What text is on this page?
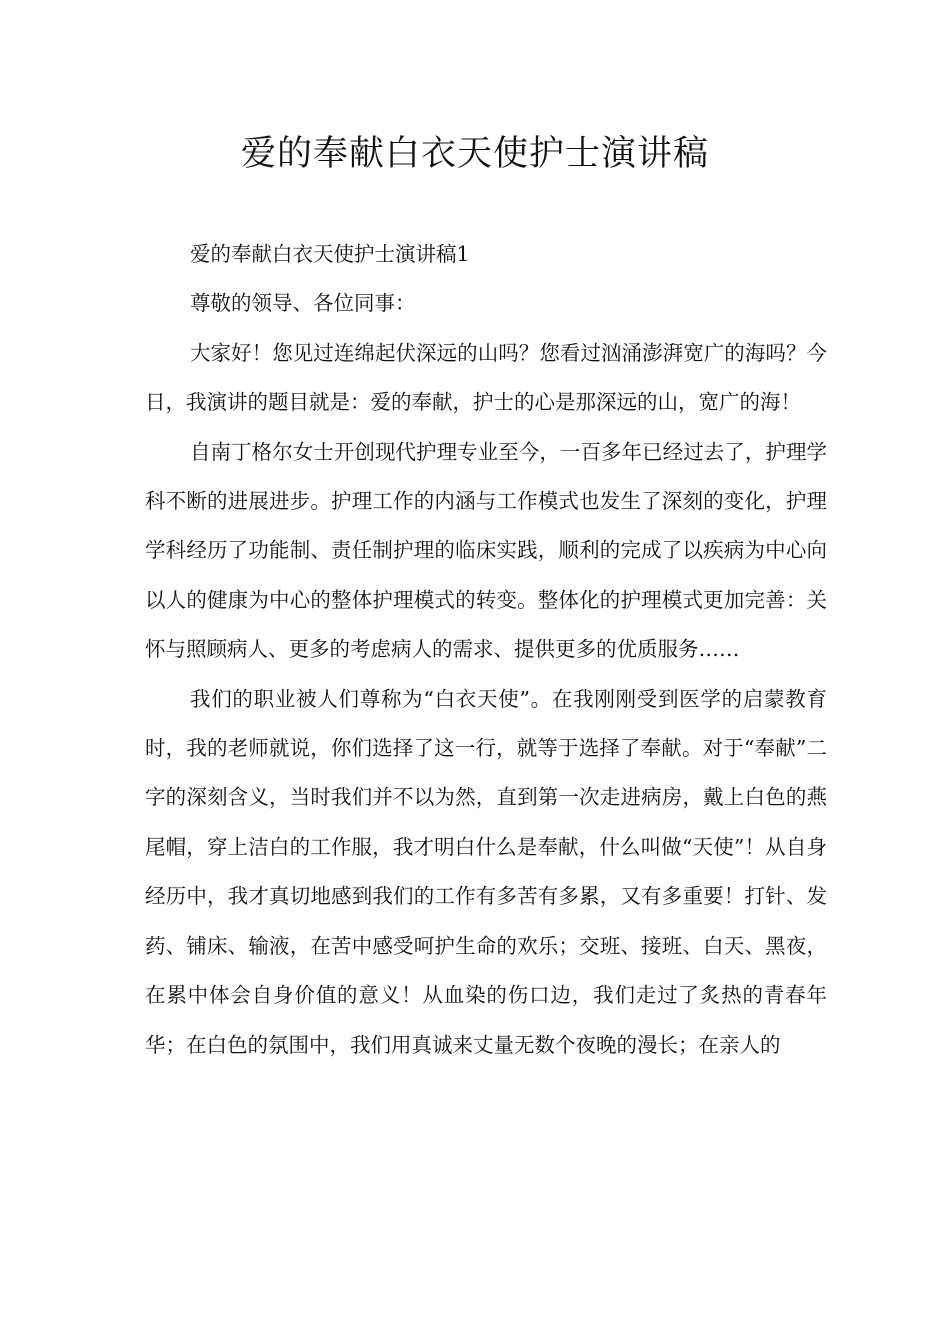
爱的奉献白衣天使护士演讲稿

爱的奉献白衣天使护士演讲稿1

尊敬的领导、各位同事：

大家好！您见过连绵起伏深远的山吗？您看过汹涌澎湃宽广的海吗？今日，我演讲的题目就是：爱的奉献，护士的心是那深远的山，宽广的海！

自南丁格尔女士开创现代护理专业至今，一百多年已经过去了，护理学科不断的进展进步。护理工作的内涵与工作模式也发生了深刻的变化，护理学科经历了功能制、责任制护理的临床实践，顺利的完成了以疾病为中心向以人的健康为中心的整体护理模式的转变。整体化的护理模式更加完善：关怀与照顾病人、更多的考虑病人的需求、提供更多的优质服务……

我们的职业被人们尊称为“白衣天使”。在我刚刚受到医学的启蒙教育时，我的老师就说，你们选择了这一行，就等于选择了奉献。对于“奉献”二字的深刻含义，当时我们并不以为然，直到第一次走进病房，戴上白色的燕尾帽，穿上洁白的工作服，我才明白什么是奉献，什么叫做“天使”！从自身经历中，我才真切地感到我们的工作有多苦有多累，又有多重要！打针、发药、铺床、输液，在苦中感受呵护生命的欢乐；交班、接班、白天、黑夜，在累中体会自身价值的意义！从血染的伤口边，我们走过了炙热的青春年华；在白色的氛围中，我们用真诚来丈量无数个夜晚的漫长；在亲人的
